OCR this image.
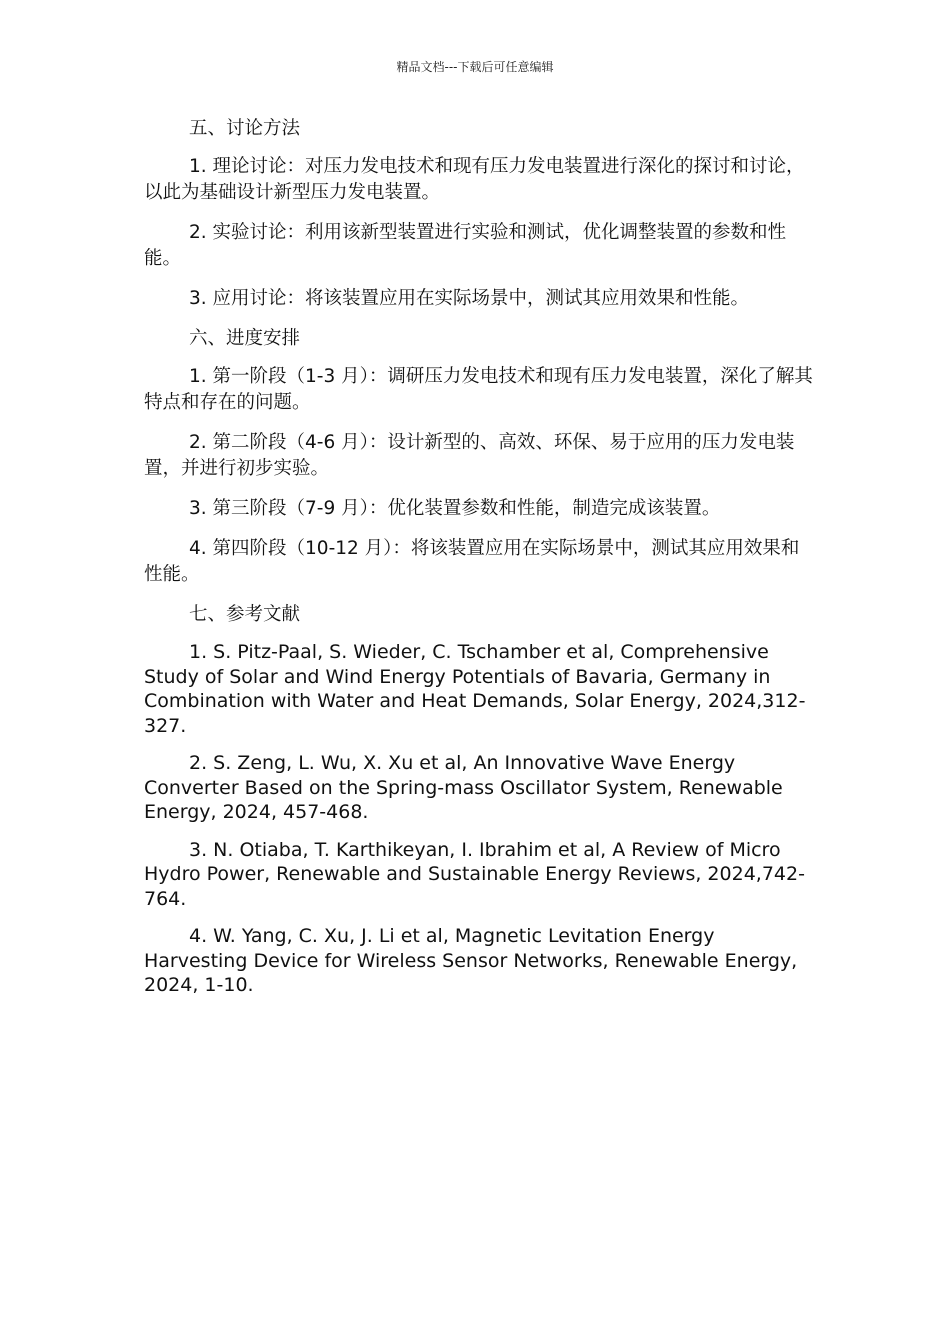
精品文档---下载后可任意编辑

五、讨论方法

1. 理论讨论：对压力发电技术和现有压力发电装置进行深化的探讨和讨论，以此为基础设计新型压力发电装置。

2. 实验讨论：利用该新型装置进行实验和测试，优化调整装置的参数和性能。

3. 应用讨论：将该装置应用在实际场景中，测试其应用效果和性能。

六、进度安排

1. 第一阶段（1-3 月）：调研压力发电技术和现有压力发电装置，深化了解其特点和存在的问题。

2. 第二阶段（4-6 月）：设计新型的、高效、环保、易于应用的压力发电装置，并进行初步实验。

3. 第三阶段（7-9 月）：优化装置参数和性能，制造完成该装置。

4. 第四阶段（10-12 月）：将该装置应用在实际场景中，测试其应用效果和性能。

七、参考文献

1. S. Pitz-Paal, S. Wieder, C. Tschamber et al, Comprehensive Study of Solar and Wind Energy Potentials of Bavaria, Germany in Combination with Water and Heat Demands, Solar Energy, 2024,312-327.

2. S. Zeng, L. Wu, X. Xu et al, An Innovative Wave Energy Converter Based on the Spring-mass Oscillator System, Renewable Energy, 2024, 457-468.

3. N. Otiaba, T. Karthikeyan, I. Ibrahim et al, A Review of Micro Hydro Power, Renewable and Sustainable Energy Reviews, 2024,742-764.

4. W. Yang, C. Xu, J. Li et al, Magnetic Levitation Energy Harvesting Device for Wireless Sensor Networks, Renewable Energy, 2024, 1-10.
